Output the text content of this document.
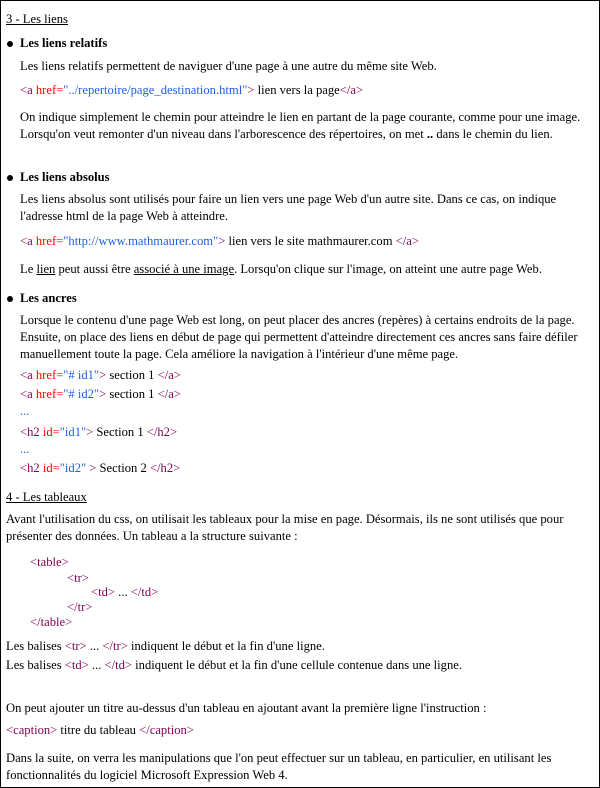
3 - Les liens
Les liens relatifs
Les liens relatifs permettent de naviguer d'une page à une autre du même site Web.
<a href="../repertoire/page_destination.html"> lien vers la page</a>
On indique simplement le chemin pour atteindre le lien en partant de la page courante, comme pour une image. Lorsqu'on veut remonter d'un niveau dans l'arborescence des répertoires, on met .. dans le chemin du lien.
Les liens absolus
Les liens absolus sont utilisés pour faire un lien vers une page Web d'un autre site. Dans ce cas, on indique l'adresse html de la page Web à atteindre.
<a href="http://www.mathmaurer.com"> lien vers le site mathmaurer.com </a>
Le lien peut aussi être associé à une image. Lorsqu'on clique sur l'image, on atteint une autre page Web.
Les ancres
Lorsque le contenu d'une page Web est long, on peut placer des ancres (repères) à certains endroits de la page. Ensuite, on place des liens en début de page qui permettent d'atteindre directement ces ancres sans faire défiler manuellement toute la page. Cela améliore la navigation à l'intérieur d'une même page.
<a href="# id1"> section 1 </a>
<a href="# id2"> section 1 </a>
...
<h2 id="id1"> Section 1 </h2>
...
<h2 id="id2" > Section 2 </h2>
4 - Les tableaux
Avant l'utilisation du css, on utilisait les tableaux pour la mise en page. Désormais, ils ne sont utilisés que pour présenter des données. Un tableau a la structure suivante :
<table>
<tr>
<td> ... </td>
</tr>
</table>
Les balises <tr> ... </tr> indiquent le début et la fin d'une ligne.
Les balises <td> ... </td> indiquent le début et la fin d'une cellule contenue dans une ligne.
On peut ajouter un titre au-dessus d'un tableau en ajoutant avant la première ligne l'instruction :
<caption> titre du tableau </caption>
Dans la suite, on verra les manipulations que l'on peut effectuer sur un tableau, en particulier, en utilisant les fonctionnalités du logiciel Microsoft Expression Web 4.
